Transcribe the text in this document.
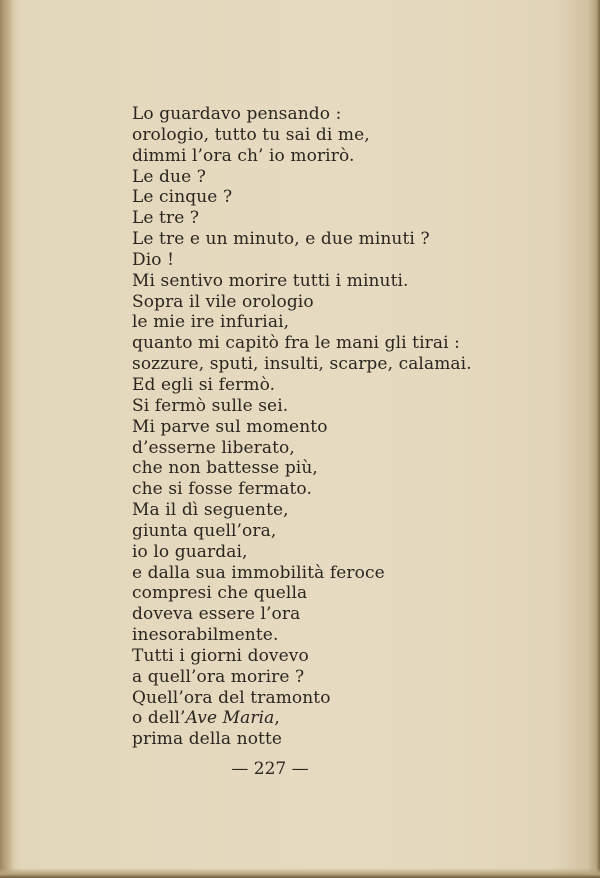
Lo guardavo pensando :
orologio, tutto tu sai di me,
dimmi l’ora ch’ io morirò.
Le due ?
Le cinque ?
Le tre ?
Le tre e un minuto, e due minuti ?
Dio !
Mi sentivo morire tutti i minuti.
Sopra il vile orologio
le mie ire infuriai,
quanto mi capitò fra le mani gli tirai :
sozzure, sputi, insulti, scarpe, calamai.
Ed egli si fermò.
Si fermò sulle sei.
Mi parve sul momento
d’esserne liberato,
che non battesse più,
che si fosse fermato.
Ma il dì seguente,
giunta quell’ora,
io lo guardai,
e dalla sua immobilità feroce
compresi che quella
doveva essere l’ora
inesorabilmente.
Tutti i giorni dovevo
a quell’ora morire ?
Quell’ora del tramonto
o dell’Ave Maria,
prima della notte
— 227 —
